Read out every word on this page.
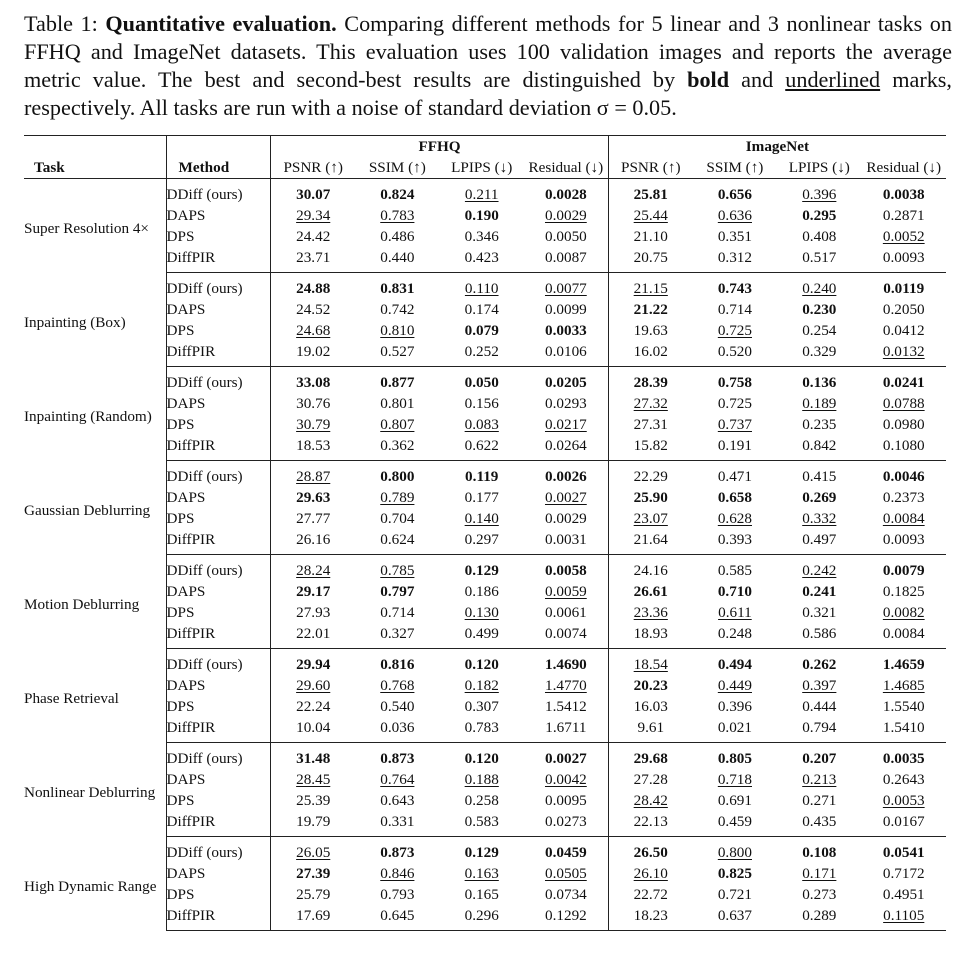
Table 1: Quantitative evaluation. Comparing different methods for 5 linear and 3 nonlinear tasks on FFHQ and ImageNet datasets. This evaluation uses 100 validation images and reports the average metric value. The best and second-best results are distinguished by bold and underlined marks, respectively. All tasks are run with a noise of standard deviation σ = 0.05.
		FFHQ				ImageNet			
Task	Method	PSNR (↑)	SSIM (↑)	LPIPS (↓)	Residual (↓)	PSNR (↑)	SSIM (↑)	LPIPS (↓)	Residual (↓)
Super Resolution 4×	DDiff (ours)	30.07	0.824	0.211	0.0028	25.81	0.656	0.396	0.0038
	DAPS	29.34	0.783	0.190	0.0029	25.44	0.636	0.295	0.2871
	DPS	24.42	0.486	0.346	0.0050	21.10	0.351	0.408	0.0052
	DiffPIR	23.71	0.440	0.423	0.0087	20.75	0.312	0.517	0.0093
Inpainting (Box)	DDiff (ours)	24.88	0.831	0.110	0.0077	21.15	0.743	0.240	0.0119
	DAPS	24.52	0.742	0.174	0.0099	21.22	0.714	0.230	0.2050
	DPS	24.68	0.810	0.079	0.0033	19.63	0.725	0.254	0.0412
	DiffPIR	19.02	0.527	0.252	0.0106	16.02	0.520	0.329	0.0132
Inpainting (Random)	DDiff (ours)	33.08	0.877	0.050	0.0205	28.39	0.758	0.136	0.0241
	DAPS	30.76	0.801	0.156	0.0293	27.32	0.725	0.189	0.0788
	DPS	30.79	0.807	0.083	0.0217	27.31	0.737	0.235	0.0980
	DiffPIR	18.53	0.362	0.622	0.0264	15.82	0.191	0.842	0.1080
Gaussian Deblurring	DDiff (ours)	28.87	0.800	0.119	0.0026	22.29	0.471	0.415	0.0046
	DAPS	29.63	0.789	0.177	0.0027	25.90	0.658	0.269	0.2373
	DPS	27.77	0.704	0.140	0.0029	23.07	0.628	0.332	0.0084
	DiffPIR	26.16	0.624	0.297	0.0031	21.64	0.393	0.497	0.0093
Motion Deblurring	DDiff (ours)	28.24	0.785	0.129	0.0058	24.16	0.585	0.242	0.0079
	DAPS	29.17	0.797	0.186	0.0059	26.61	0.710	0.241	0.1825
	DPS	27.93	0.714	0.130	0.0061	23.36	0.611	0.321	0.0082
	DiffPIR	22.01	0.327	0.499	0.0074	18.93	0.248	0.586	0.0084
Phase Retrieval	DDiff (ours)	29.94	0.816	0.120	1.4690	18.54	0.494	0.262	1.4659
	DAPS	29.60	0.768	0.182	1.4770	20.23	0.449	0.397	1.4685
	DPS	22.24	0.540	0.307	1.5412	16.03	0.396	0.444	1.5540
	DiffPIR	10.04	0.036	0.783	1.6711	9.61	0.021	0.794	1.5410
Nonlinear Deblurring	DDiff (ours)	31.48	0.873	0.120	0.0027	29.68	0.805	0.207	0.0035
	DAPS	28.45	0.764	0.188	0.0042	27.28	0.718	0.213	0.2643
	DPS	25.39	0.643	0.258	0.0095	28.42	0.691	0.271	0.0053
	DiffPIR	19.79	0.331	0.583	0.0273	22.13	0.459	0.435	0.0167
High Dynamic Range	DDiff (ours)	26.05	0.873	0.129	0.0459	26.50	0.800	0.108	0.0541
	DAPS	27.39	0.846	0.163	0.0505	26.10	0.825	0.171	0.7172
	DPS	25.79	0.793	0.165	0.0734	22.72	0.721	0.273	0.4951
	DiffPIR	17.69	0.645	0.296	0.1292	18.23	0.637	0.289	0.1105
